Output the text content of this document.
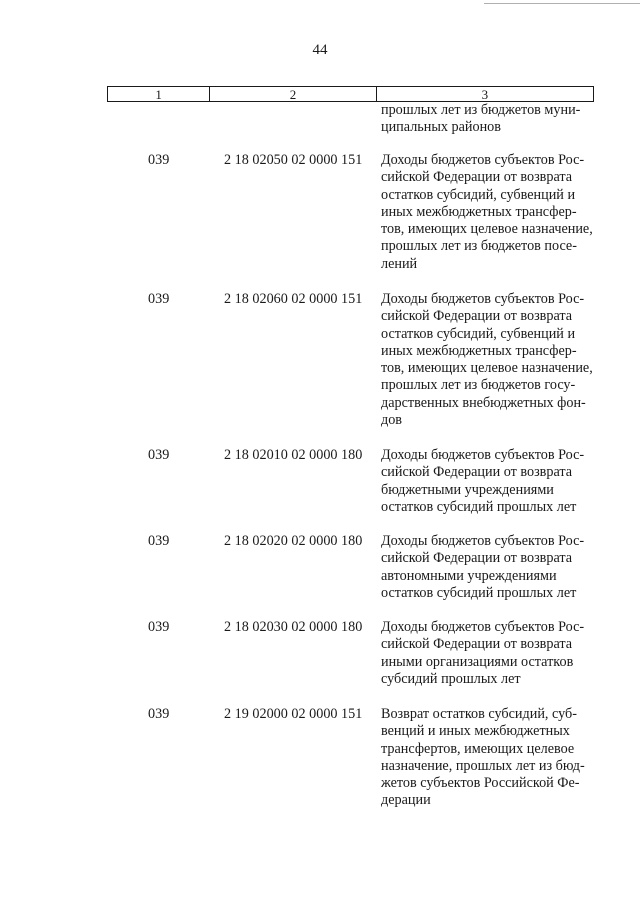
44
1	2	3
прошлых лет из бюджетов муни-
ципальных районов
039	2 18 02050 02 0000 151 Доходы бюджетов субъектов Рос-
сийской Федерации от возврата
остатков субсидий, субвенций и
иных межбюджетных трансфер-
тов, имеющих целевое назначение,
прошлых лет из бюджетов посе-
лений
039	2 18 02060 02 0000 151 Доходы бюджетов субъектов Рос-
сийской Федерации от возврата
остатков субсидий, субвенций и
иных межбюджетных трансфер-
тов, имеющих целевое назначение,
прошлых лет из бюджетов госу-
дарственных внебюджетных фон-
дов
039	2 18 02010 02 0000 180 Доходы бюджетов субъектов Рос-
сийской Федерации от возврата
бюджетными учреждениями
остатков субсидий прошлых лет
039	2 18 02020 02 0000 180 Доходы бюджетов субъектов Рос-
сийской Федерации от возврата
автономными учреждениями
остатков субсидий прошлых лет
039	2 18 02030 02 0000 180 Доходы бюджетов субъектов Рос-
сийской Федерации от возврата
иными организациями остатков
субсидий прошлых лет
039	2 19 02000 02 0000 151 Возврат остатков субсидий, суб-
венций и иных межбюджетных
трансфертов, имеющих целевое
назначение, прошлых лет из бюд-
жетов субъектов Российской Фе-
дерации
